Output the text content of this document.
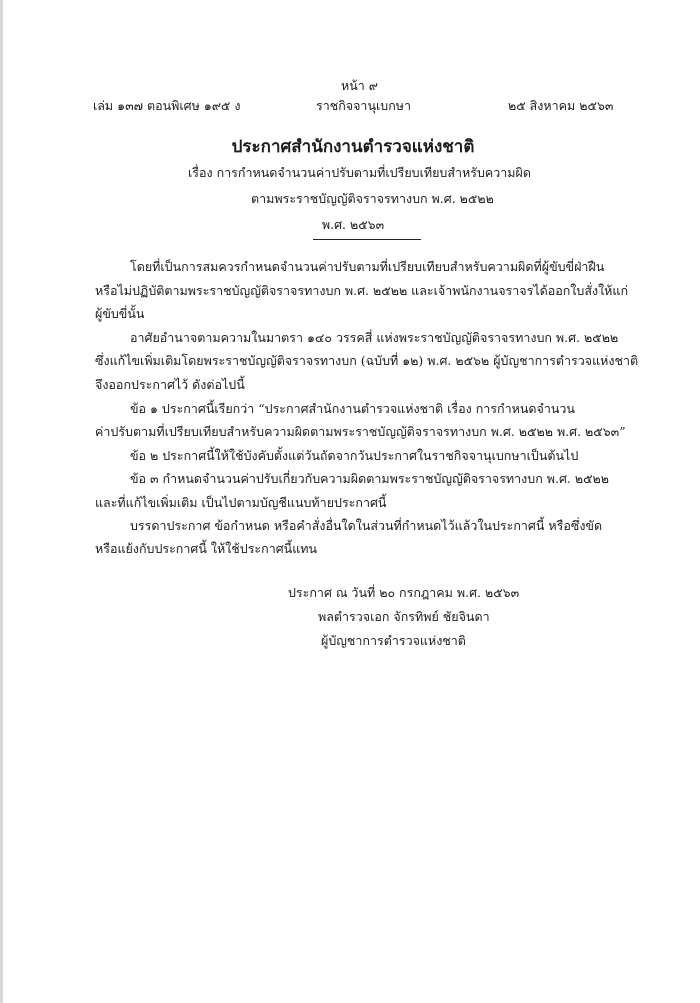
หน้า ๙
เล่ม ๑๓๗ ตอนพิเศษ ๑๙๕ ง	ราชกิจจานุเบกษา	๒๕ สิงหาคม ๒๕๖๓
ประกาศสำนักงานตำรวจแห่งชาติ
เรื่อง การกำหนดจำนวนค่าปรับตามที่เปรียบเทียบสำหรับความผิด
ตามพระราชบัญญัติจราจรทางบก พ.ศ. ๒๕๒๒
พ.ศ. ๒๕๖๓
โดยที่เป็นการสมควรกำหนดจำนวนค่าปรับตามที่เปรียบเทียบสำหรับความผิดที่ผู้ขับขี่ฝ่าฝืน
หรือไม่ปฏิบัติตามพระราชบัญญัติจราจรทางบก พ.ศ. ๒๕๒๒ และเจ้าพนักงานจราจรได้ออกใบสั่งให้แก่
ผู้ขับขี่นั้น
อาศัยอำนาจตามความในมาตรา ๑๔๐ วรรคสี่ แห่งพระราชบัญญัติจราจรทางบก พ.ศ. ๒๕๒๒
ซึ่งแก้ไขเพิ่มเติมโดยพระราชบัญญัติจราจรทางบก (ฉบับที่ ๑๒) พ.ศ. ๒๕๖๒ ผู้บัญชาการตำรวจแห่งชาติ
จึงออกประกาศไว้ ดังต่อไปนี้
ข้อ ๑ ประกาศนี้เรียกว่า “ประกาศสำนักงานตำรวจแห่งชาติ เรื่อง การกำหนดจำนวน
ค่าปรับตามที่เปรียบเทียบสำหรับความผิดตามพระราชบัญญัติจราจรทางบก พ.ศ. ๒๕๒๒ พ.ศ. ๒๕๖๓”
ข้อ ๒ ประกาศนี้ให้ใช้บังคับตั้งแต่วันถัดจากวันประกาศในราชกิจจานุเบกษาเป็นต้นไป
ข้อ ๓ กำหนดจำนวนค่าปรับเกี่ยวกับความผิดตามพระราชบัญญัติจราจรทางบก พ.ศ. ๒๕๒๒
และที่แก้ไขเพิ่มเติม เป็นไปตามบัญชีแนบท้ายประกาศนี้
บรรดาประกาศ ข้อกำหนด หรือคำสั่งอื่นใดในส่วนที่กำหนดไว้แล้วในประกาศนี้ หรือซึ่งขัด
หรือแย้งกับประกาศนี้ ให้ใช้ประกาศนี้แทน
ประกาศ ณ วันที่ ๒๐ กรกฎาคม พ.ศ. ๒๕๖๓
พลตำรวจเอก จักรทิพย์ ชัยจินดา
ผู้บัญชาการตำรวจแห่งชาติ
